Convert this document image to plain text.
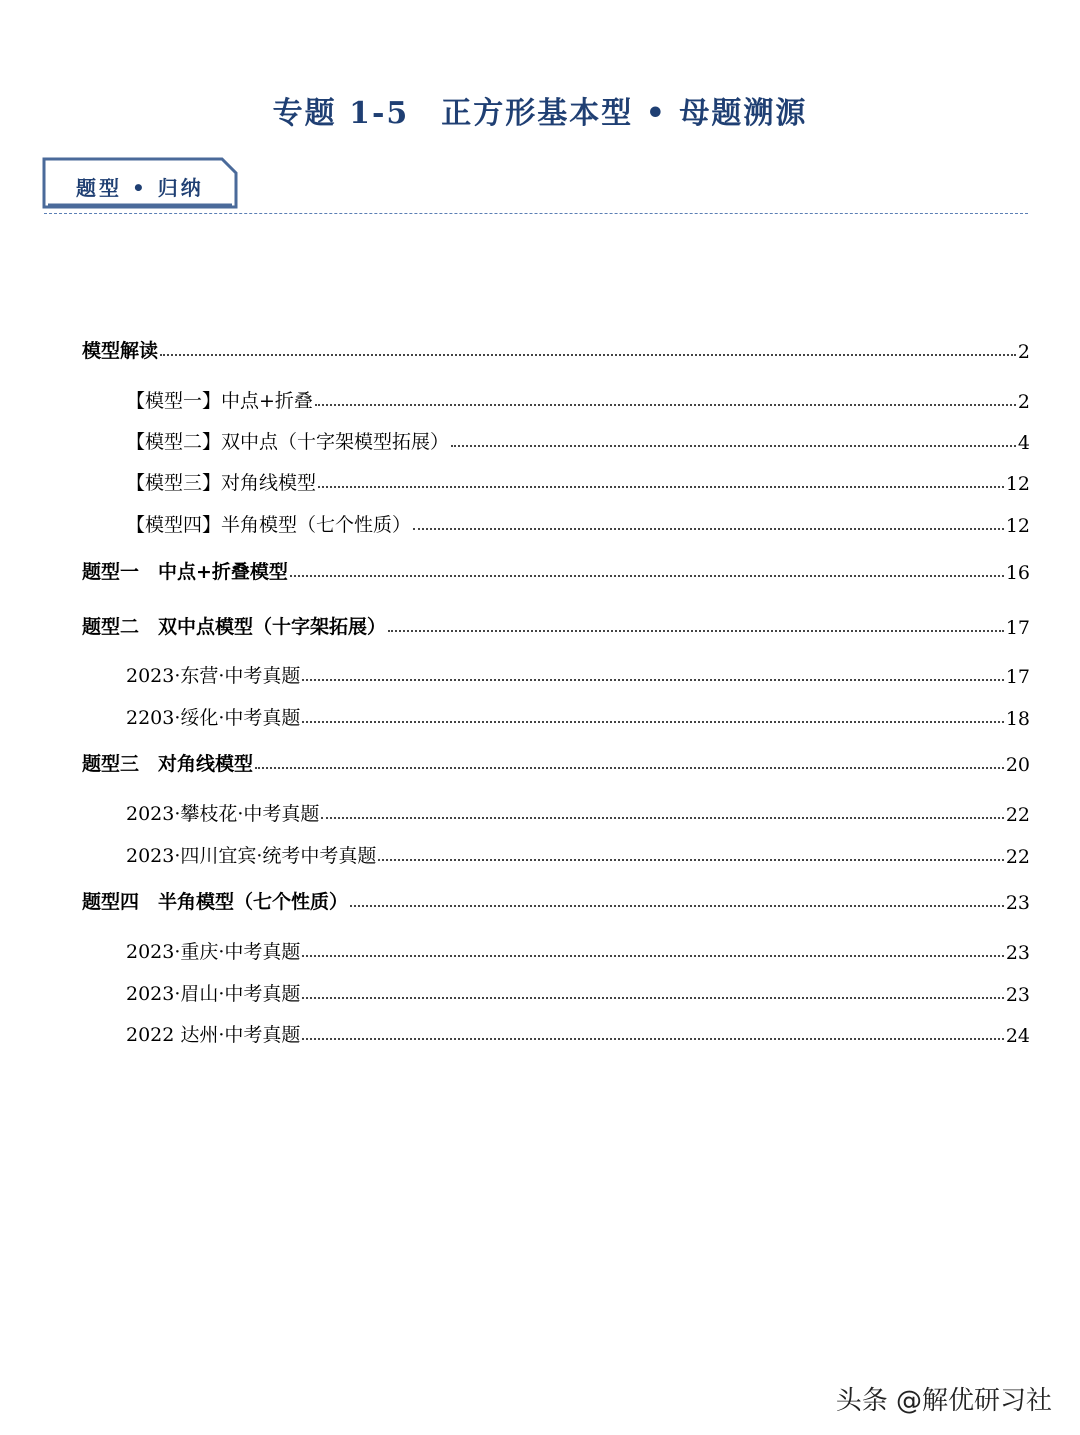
专题 1-5　正方形基本型 • 母题溯源
题型 • 归纳
模型解读	2
【模型一】中点+折叠	2
【模型二】双中点（十字架模型拓展）	4
【模型三】对角线模型	12
【模型四】半角模型（七个性质）	12
题型一　中点+折叠模型	16
题型二　双中点模型（十字架拓展）	17
2023·东营·中考真题	17
2203·绥化·中考真题	18
题型三　对角线模型	20
2023·攀枝花·中考真题	22
2023·四川宜宾·统考中考真题	22
题型四　半角模型（七个性质）	23
2023·重庆·中考真题	23
2023·眉山·中考真题	23
2022 达州·中考真题	24
头条 @解优研习社
